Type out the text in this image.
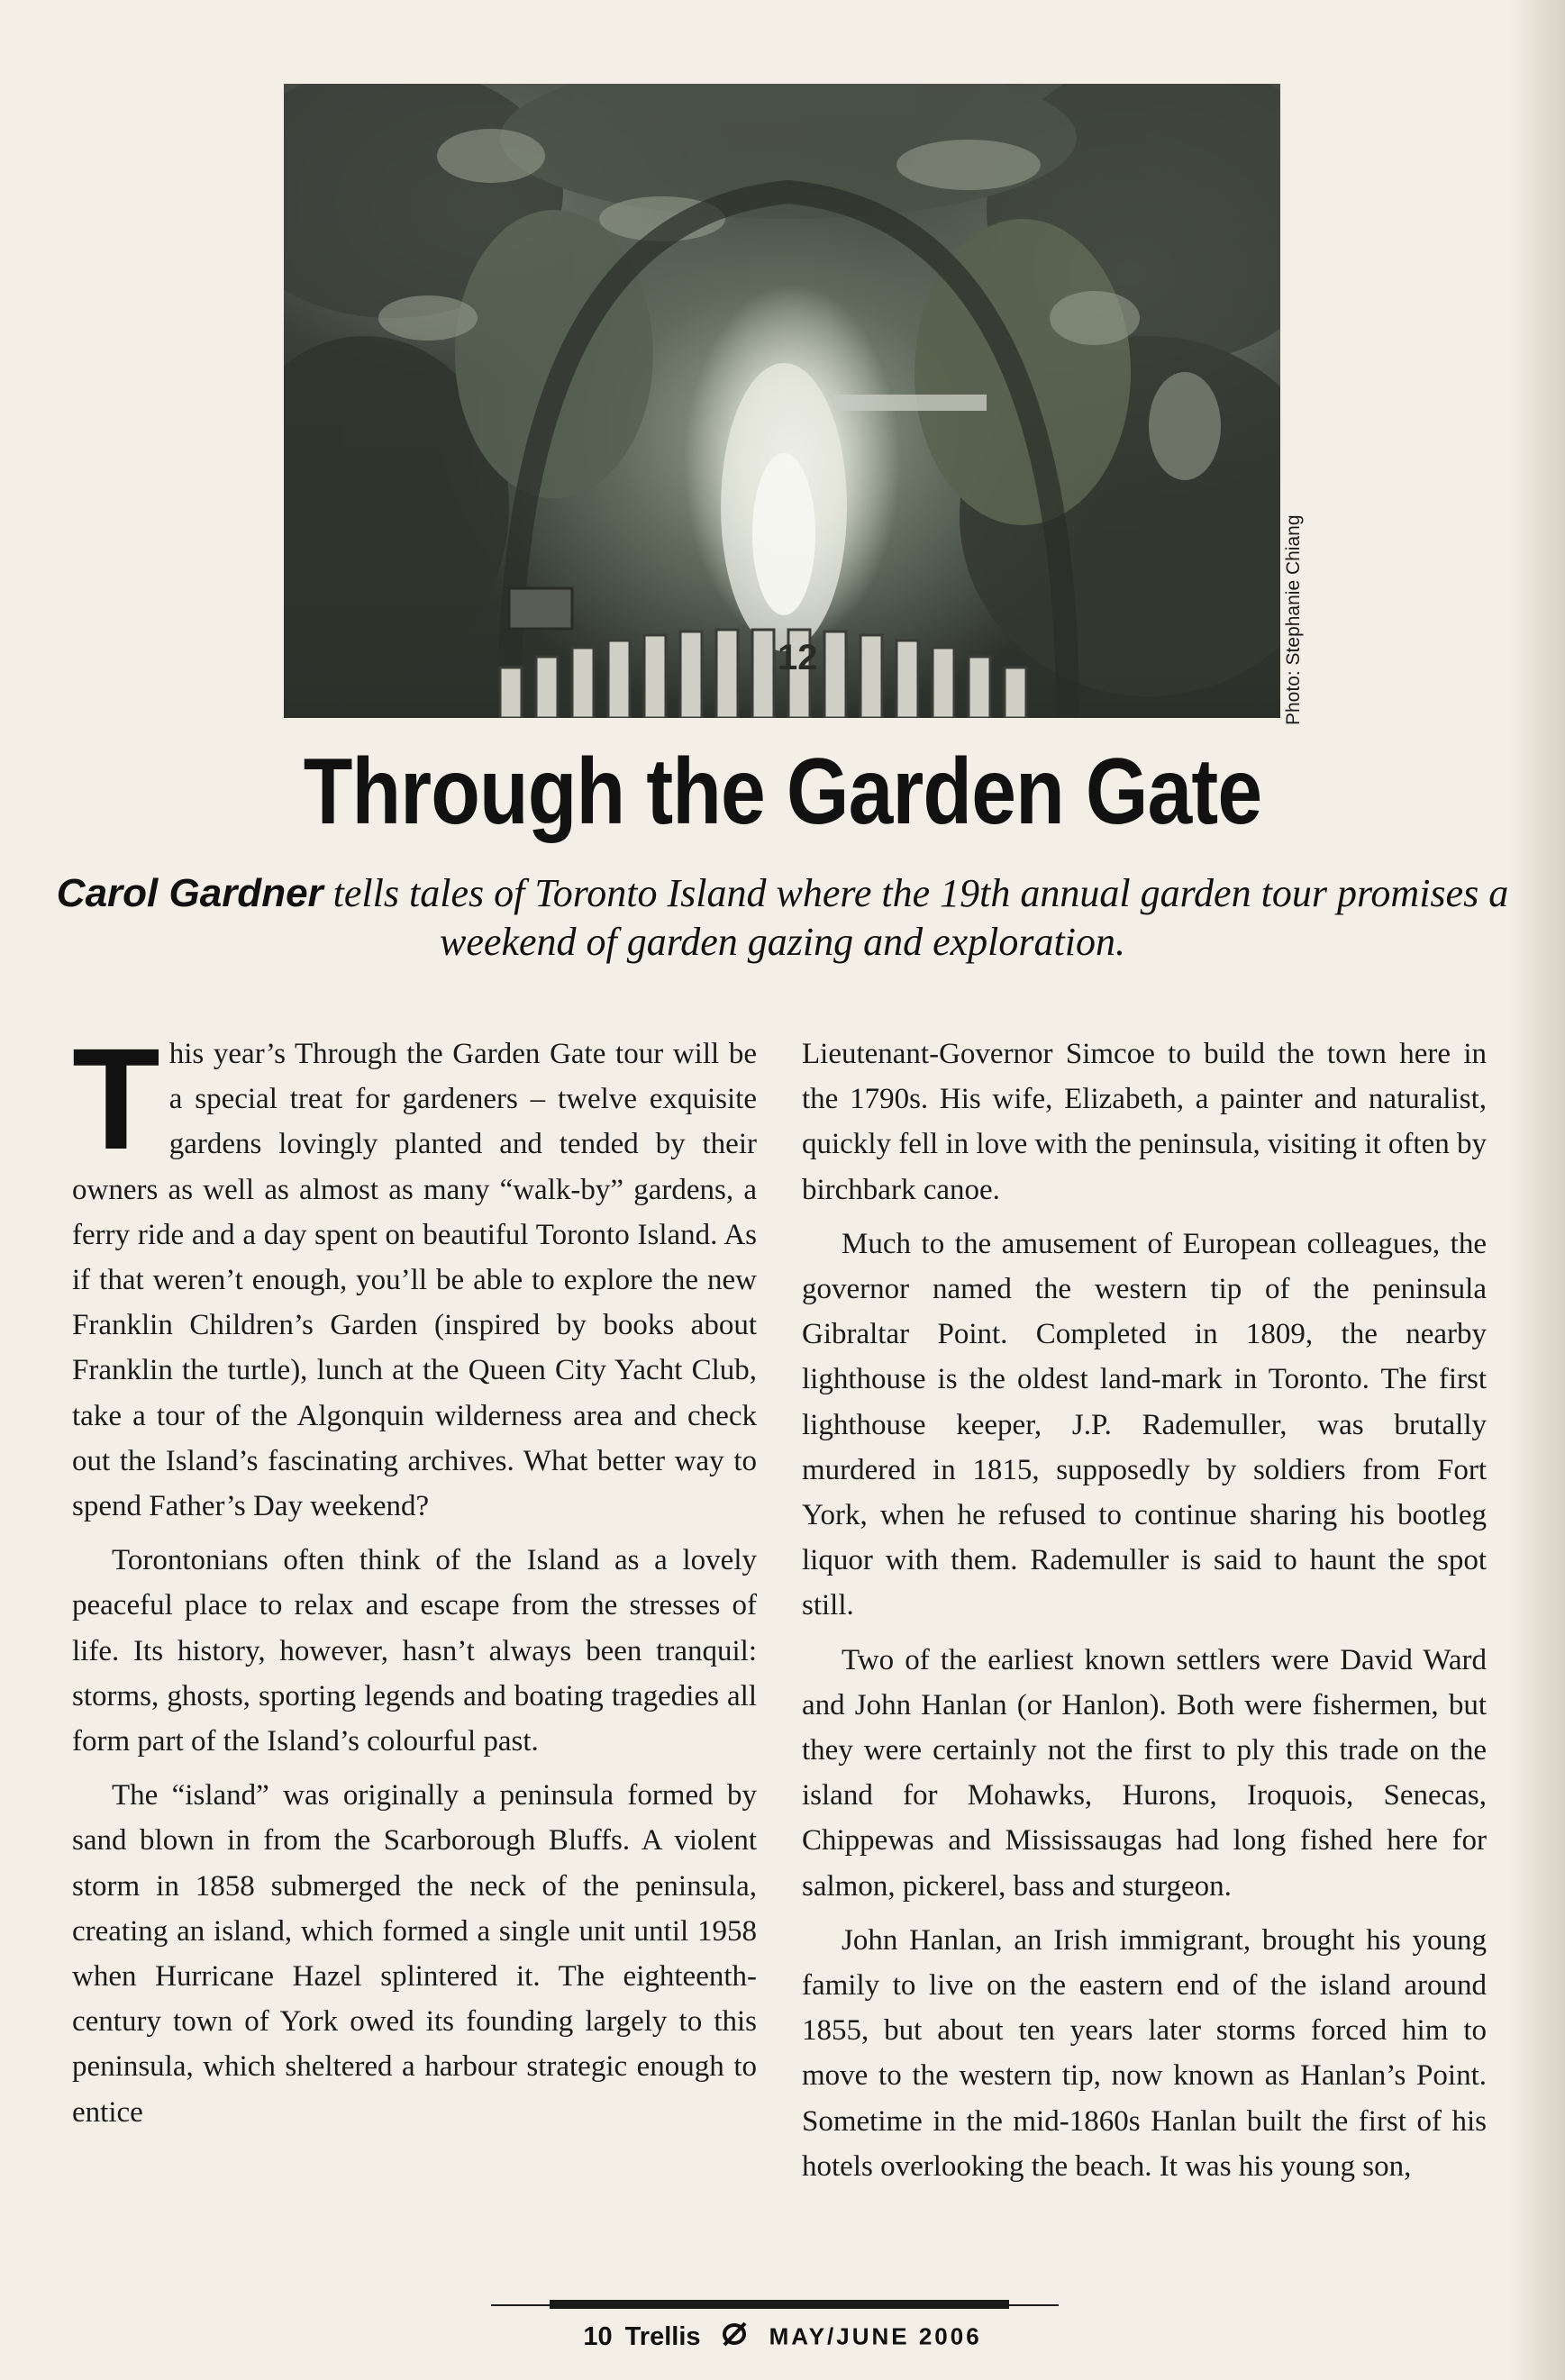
12	Photo: Stephanie Chiang
Through the Garden Gate

Carol Gardner tells tales of Toronto Island where the 19th annual garden tour promises a weekend of garden gazing and exploration.

This year’s Through the Garden Gate tour will be a special treat for gardeners – twelve exquisite gardens lovingly planted and tended by their owners as well as almost as many “walk-by” gardens, a ferry ride and a day spent on beautiful Toronto Island. As if that weren’t enough, you’ll be able to explore the new Franklin Children’s Garden (inspired by books about Franklin the turtle), lunch at the Queen City Yacht Club, take a tour of the Algonquin wilderness area and check out the Island’s fascinating archives. What better way to spend Father’s Day weekend?

Torontonians often think of the Island as a lovely peaceful place to relax and escape from the stresses of life. Its history, however, hasn’t always been tranquil: storms, ghosts, sporting legends and boating tragedies all form part of the Island’s colourful past.

The “island” was originally a peninsula formed by sand blown in from the Scarborough Bluffs. A violent storm in 1858 submerged the neck of the peninsula, creating an island, which formed a single unit until 1958 when Hurricane Hazel splintered it. The eighteenth-century town of York owed its founding largely to this peninsula, which sheltered a harbour strategic enough to entice

Lieutenant-Governor Simcoe to build the town here in the 1790s. His wife, Elizabeth, a painter and naturalist, quickly fell in love with the peninsula, visiting it often by birchbark canoe.

Much to the amusement of European colleagues, the governor named the western tip of the peninsula Gibraltar Point. Completed in 1809, the nearby lighthouse is the oldest land-mark in Toronto. The first lighthouse keeper, J.P. Rademuller, was brutally murdered in 1815, supposedly by soldiers from Fort York, when he refused to continue sharing his bootleg liquor with them. Rademuller is said to haunt the spot still.

Two of the earliest known settlers were David Ward and John Hanlan (or Hanlon). Both were fishermen, but they were certainly not the first to ply this trade on the island for Mohawks, Hurons, Iroquois, Senecas, Chippewas and Mississaugas had long fished here for salmon, pickerel, bass and sturgeon.

John Hanlan, an Irish immigrant, brought his young family to live on the eastern end of the island around 1855, but about ten years later storms forced him to move to the western tip, now known as Hanlan’s Point. Sometime in the mid-1860s Hanlan built the first of his hotels overlooking the beach. It was his young son,

10 Trellis	MAY/JUNE 2006
